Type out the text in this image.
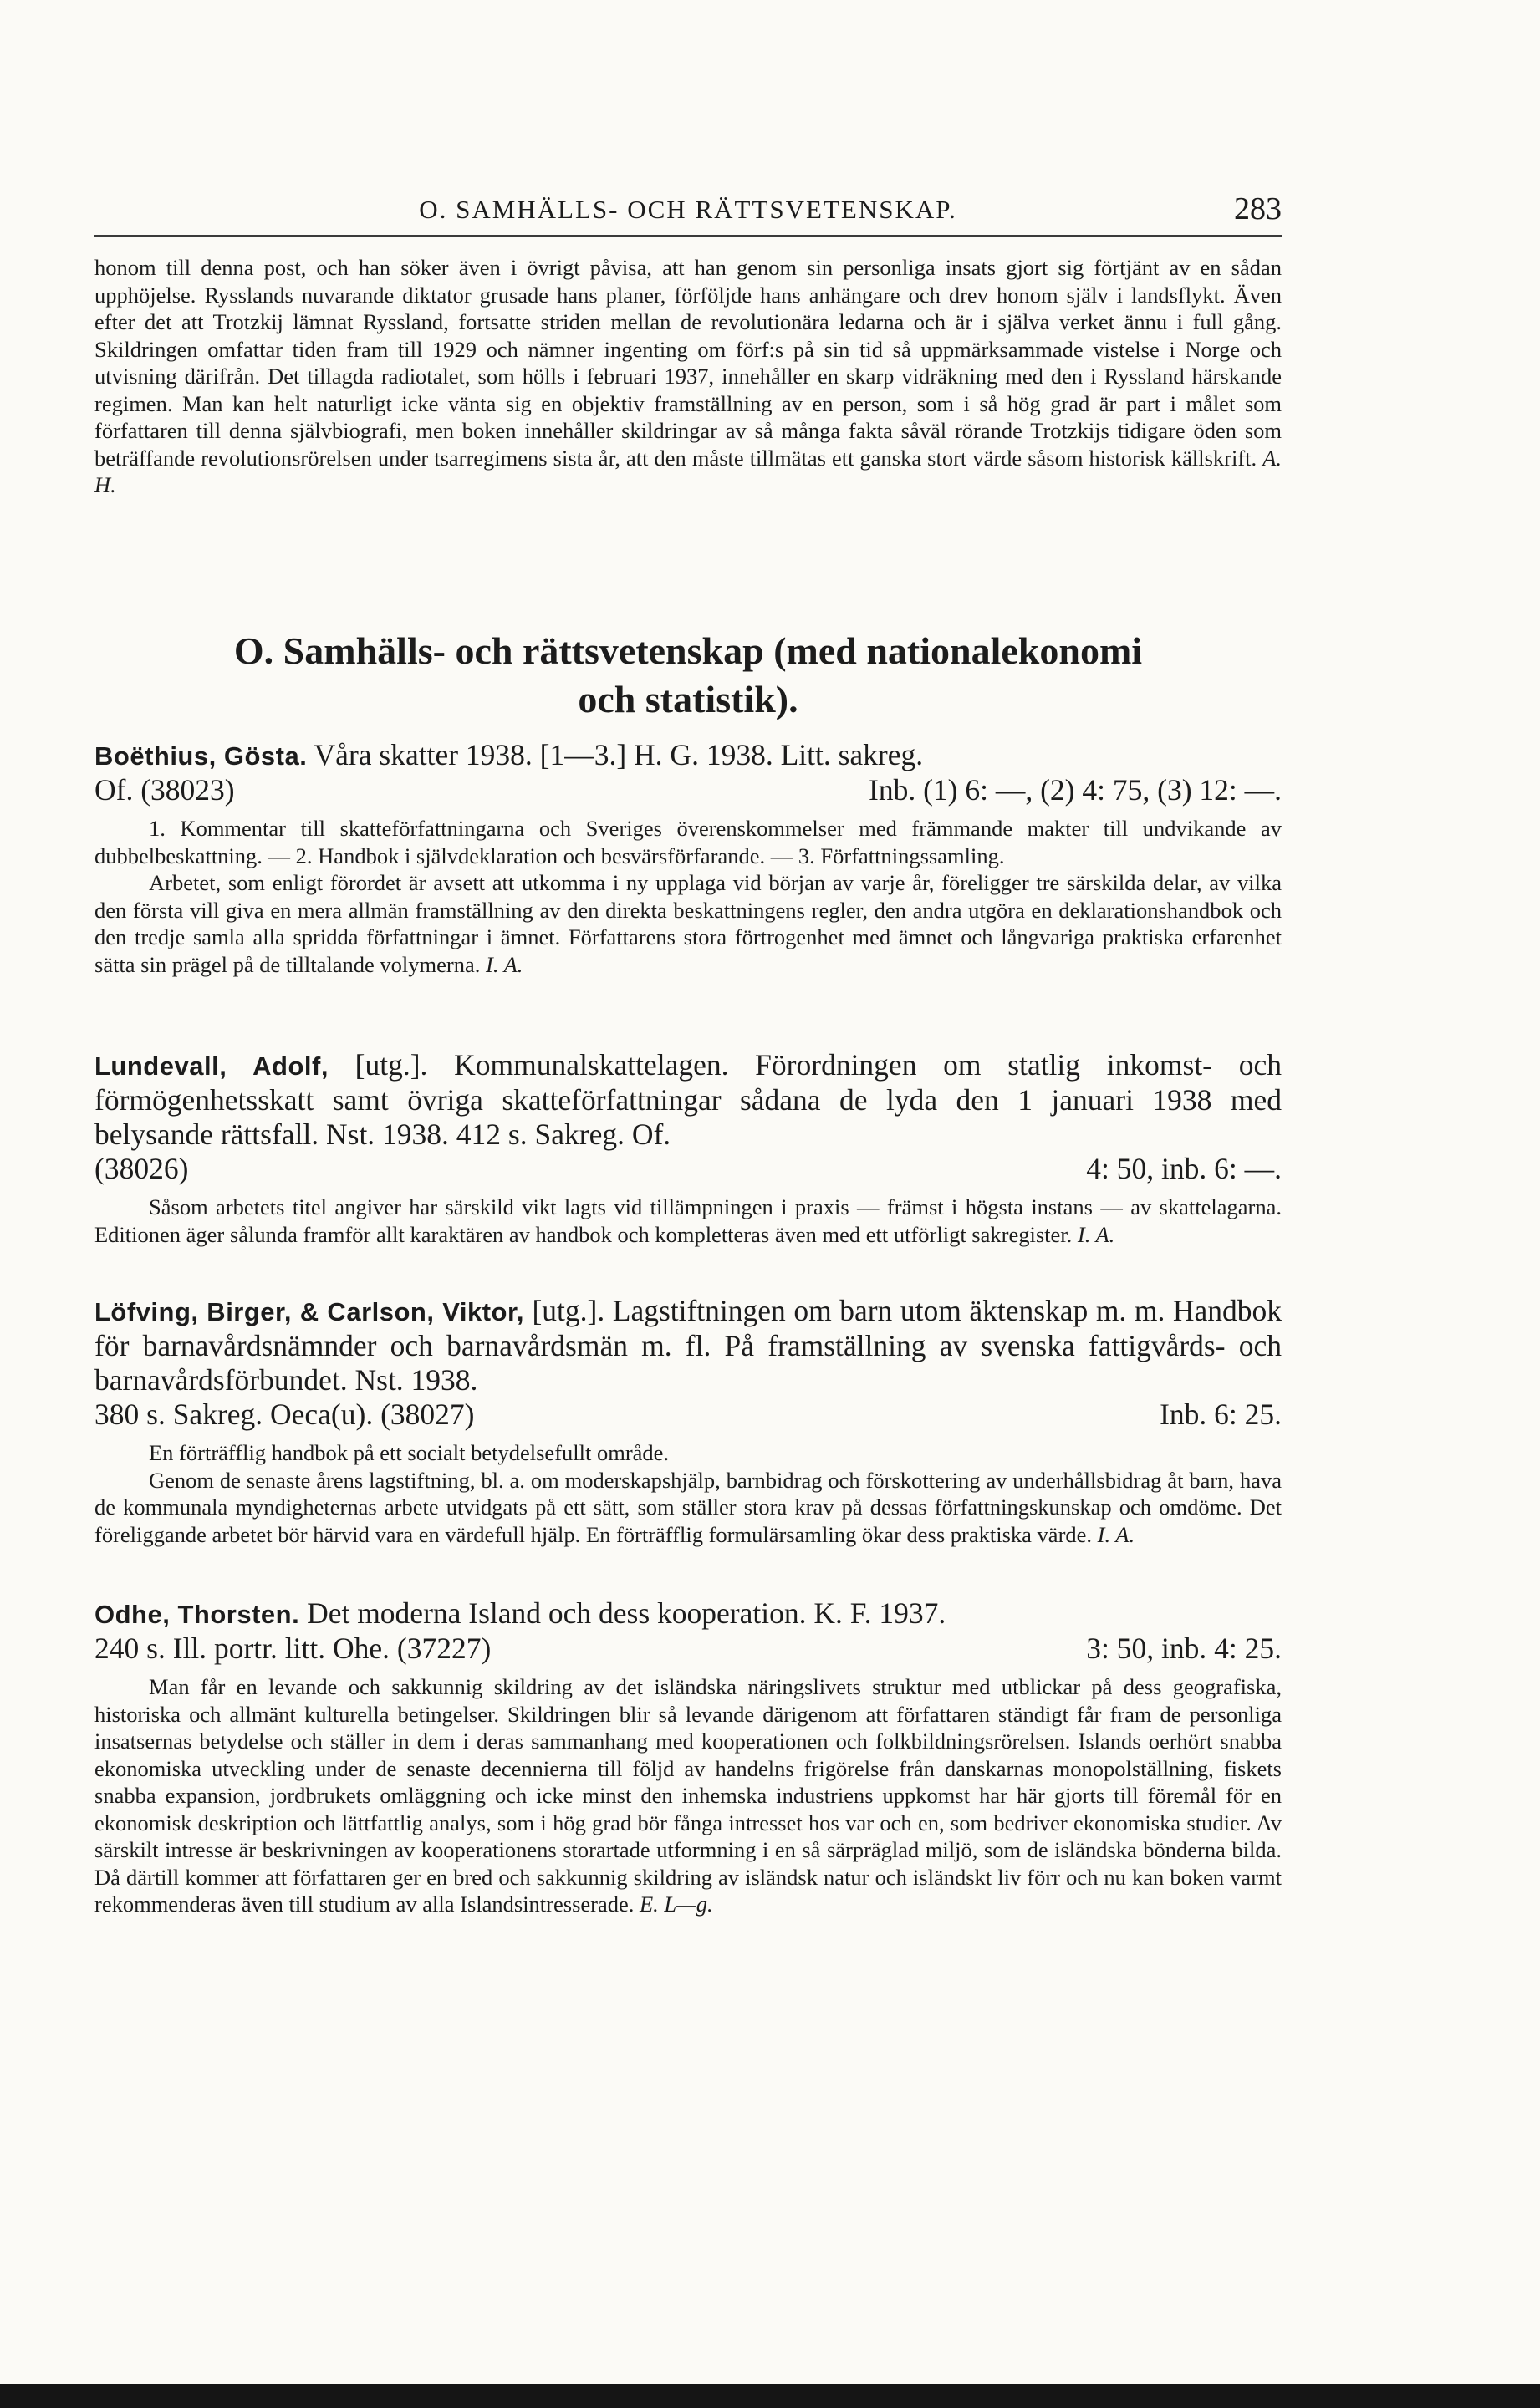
O. SAMHÄLLS- OCH RÄTTSVETENSKAP.	283

honom till denna post, och han söker även i övrigt påvisa, att han genom sin personliga insats gjort sig förtjänt av en sådan upphöjelse. Rysslands nuvarande diktator grusade hans planer, förföljde hans anhängare och drev honom själv i landsflykt. Även efter det att Trotzkij lämnat Ryssland, fortsatte striden mellan de revolutionära ledarna och är i själva verket ännu i full gång. Skildringen omfattar tiden fram till 1929 och nämner ingenting om förf:s på sin tid så uppmärksammade vistelse i Norge och utvisning därifrån. Det tillagda radiotalet, som hölls i februari 1937, innehåller en skarp vidräkning med den i Ryssland härskande regimen. Man kan helt naturligt icke vänta sig en objektiv framställning av en person, som i så hög grad är part i målet som författaren till denna självbiografi, men boken innehåller skildringar av så många fakta såväl rörande Trotzkijs tidigare öden som beträffande revolutionsrörelsen under tsarregimens sista år, att den måste tillmätas ett ganska stort värde såsom historisk källskrift. A. H.

O. Samhälls- och rättsvetenskap (med nationalekonomi

och statistik).

Boëthius, Gösta. Våra skatter 1938. [1—3.] H. G. 1938. Litt. sakreg.

Of. (38023)	Inb. (1) 6: —, (2) 4: 75, (3) 12: —.

1. Kommentar till skatteförfattningarna och Sveriges överenskommelser med främmande makter till undvikande av dubbelbeskattning. — 2. Handbok i självdeklaration och besvärsförfarande. — 3. Författningssamling.

Arbetet, som enligt förordet är avsett att utkomma i ny upplaga vid början av varje år, föreligger tre särskilda delar, av vilka den första vill giva en mera allmän framställning av den direkta beskattningens regler, den andra utgöra en deklarationshandbok och den tredje samla alla spridda författningar i ämnet. Författarens stora förtrogenhet med ämnet och långvariga praktiska erfarenhet sätta sin prägel på de tilltalande volymerna. I. A.

Lundevall, Adolf, [utg.]. Kommunalskattelagen. Förordningen om statlig inkomst- och förmögenhetsskatt samt övriga skatteförfattningar sådana de lyda den 1 januari 1938 med belysande rättsfall. Nst. 1938. 412 s. Sakreg. Of.

(38026)	4: 50, inb. 6: —.

Såsom arbetets titel angiver har särskild vikt lagts vid tillämpningen i praxis — främst i högsta instans — av skattelagarna. Editionen äger sålunda framför allt karaktären av handbok och kompletteras även med ett utförligt sakregister. I. A.

Löfving, Birger, & Carlson, Viktor, [utg.]. Lagstiftningen om barn utom äktenskap m. m. Handbok för barnavårdsnämnder och barnavårdsmän m. fl. På framställning av svenska fattigvårds- och barnavårdsförbundet. Nst. 1938.

380 s. Sakreg. Oeca(u). (38027)	Inb. 6: 25.

En förträfflig handbok på ett socialt betydelsefullt område.

Genom de senaste årens lagstiftning, bl. a. om moderskapshjälp, barnbidrag och förskottering av underhållsbidrag åt barn, hava de kommunala myndigheternas arbete utvidgats på ett sätt, som ställer stora krav på dessas författningskunskap och omdöme. Det föreliggande arbetet bör härvid vara en värdefull hjälp. En förträfflig formulärsamling ökar dess praktiska värde. I. A.

Odhe, Thorsten. Det moderna Island och dess kooperation. K. F. 1937.

240 s. Ill. portr. litt. Ohe. (37227)	3: 50, inb. 4: 25.

Man får en levande och sakkunnig skildring av det isländska näringslivets struktur med utblickar på dess geografiska, historiska och allmänt kulturella betingelser. Skildringen blir så levande därigenom att författaren ständigt får fram de personliga insatsernas betydelse och ställer in dem i deras sammanhang med kooperationen och folkbildningsrörelsen. Islands oerhört snabba ekonomiska utveckling under de senaste decennierna till följd av handelns frigörelse från danskarnas monopolställning, fiskets snabba expansion, jordbrukets omläggning och icke minst den inhemska industriens uppkomst har här gjorts till föremål för en ekonomisk deskription och lättfattlig analys, som i hög grad bör fånga intresset hos var och en, som bedriver ekonomiska studier. Av särskilt intresse är beskrivningen av kooperationens storartade utformning i en så särpräglad miljö, som de isländska bönderna bilda. Då därtill kommer att författaren ger en bred och sakkunnig skildring av isländsk natur och isländskt liv förr och nu kan boken varmt rekommenderas även till studium av alla Islandsintresserade. E. L—g.
